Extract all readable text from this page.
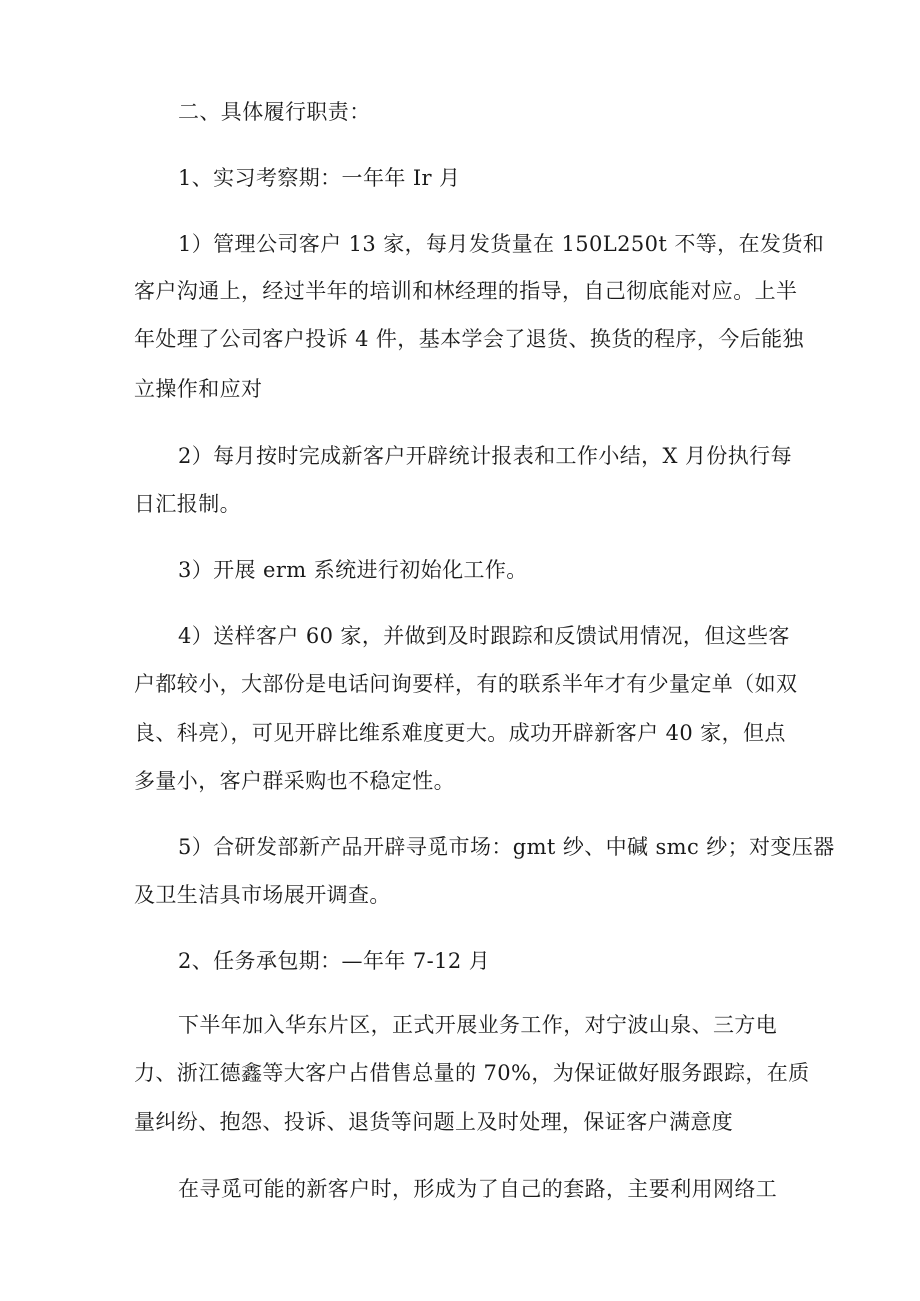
二、具体履行职责：
1、实习考察期：一年年 Ir 月
1）管理公司客户 13 家，每月发货量在 150L250t 不等，在发货和
客户沟通上，经过半年的培训和林经理的指导，自己彻底能对应。上半
年处理了公司客户投诉 4 件，基本学会了退货、换货的程序，今后能独
立操作和应对
2）每月按时完成新客户开辟统计报表和工作小结，X 月份执行每
日汇报制。
3）开展 erm 系统进行初始化工作。
4）送样客户 60 家，并做到及时跟踪和反馈试用情况，但这些客
户都较小，大部份是电话问询要样，有的联系半年才有少量定单（如双
良、科亮），可见开辟比维系难度更大。成功开辟新客户 40 家，但点
多量小，客户群采购也不稳定性。
5）合研发部新产品开辟寻觅市场：gmt 纱、中碱 smc 纱；对变压器
及卫生洁具市场展开调查。
2、任务承包期：—年年 7-12 月
下半年加入华东片区，正式开展业务工作，对宁波山泉、三方电
力、浙江德鑫等大客户占借售总量的 70%，为保证做好服务跟踪，在质
量纠纷、抱怨、投诉、退货等问题上及时处理，保证客户满意度
在寻觅可能的新客户时，形成为了自己的套路，主要利用网络工
